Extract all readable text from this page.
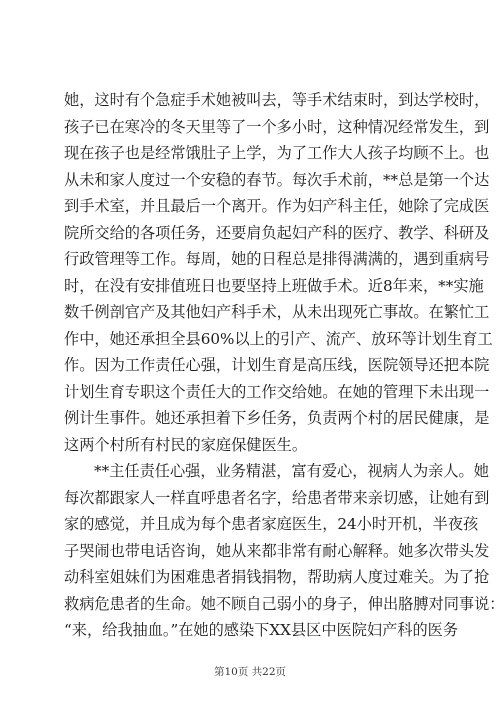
她，这时有个急症手术她被叫去，等手术结束时，到达学校时，
孩子已在寒冷的冬天里等了一个多小时，这种情况经常发生，到
现在孩子也是经常饿肚子上学，为了工作大人孩子均顾不上。也
从未和家人度过一个安稳的春节。每次手术前，**总是第一个达
到手术室，并且最后一个离开。作为妇产科主任，她除了完成医
院所交给的各项任务，还要肩负起妇产科的医疗、教学、科研及
行政管理等工作。每周，她的日程总是排得满满的，遇到重病号
时，在没有安排值班日也要坚持上班做手术。近8年来，**实施
数千例剖官产及其他妇产科手术，从未出现死亡事故。在繁忙工
作中，她还承担全县60%以上的引产、流产、放环等计划生育工
作。因为工作责任心强，计划生育是高压线，医院领导还把本院
计划生育专职这个责任大的工作交给她。在她的管理下未出现一
例计生事件。她还承担着下乡任务，负责两个村的居民健康，是
这两个村所有村民的家庭保健医生。

**主任责任心强，业务精湛，富有爱心，视病人为亲人。她
每次都跟家人一样直呼患者名字，给患者带来亲切感，让她有到
家的感觉，并且成为每个患者家庭医生，24小时开机，半夜孩
子哭闹也带电话咨询，她从来都非常有耐心解释。她多次带头发
动科室姐妹们为困难患者捐钱捐物，帮助病人度过难关。为了抢
救病危患者的生命。她不顾自己弱小的身子，伸出胳膊对同事说：
“来，给我抽血。”在她的感染下XX县区中医院妇产科的医务

第10页 共22页
